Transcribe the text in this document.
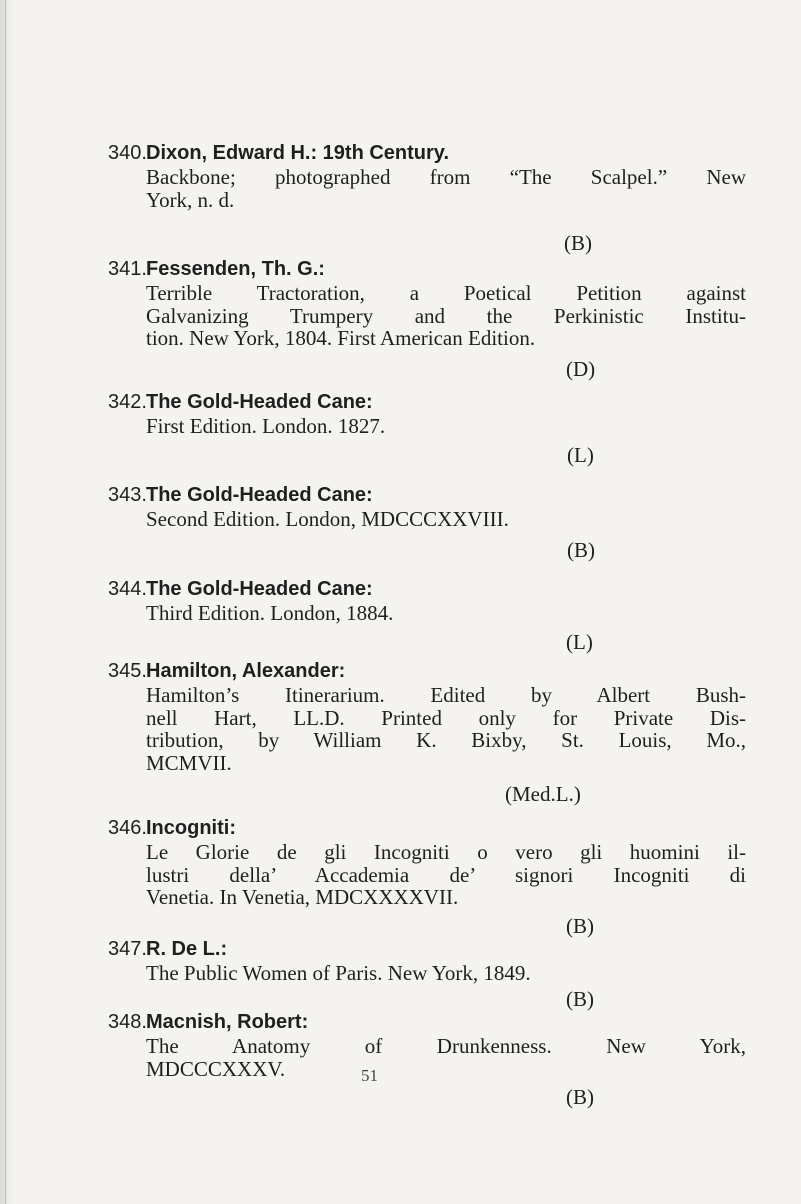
340.Dixon, Edward H.: 19th Century.
Backbone; photographed from “The Scalpel.” New
York, n. d.
(B)
341.Fessenden, Th. G.:
Terrible Tractoration, a Poetical Petition against
Galvanizing Trumpery and the Perkinistic Institu-
tion. New York, 1804. First American Edition.
(D)
342.The Gold-Headed Cane:
First Edition. London. 1827.
(L)
343.The Gold-Headed Cane:
Second Edition. London, MDCCCXXVIII.
(B)
344.The Gold-Headed Cane:
Third Edition. London, 1884.
(L)
345.Hamilton, Alexander:
Hamilton’s Itinerarium. Edited by Albert Bush-
nell Hart, LL.D. Printed only for Private Dis-
tribution, by William K. Bixby, St. Louis, Mo.,
MCMVII.
(Med.L.)
346.Incogniti:
Le Glorie de gli Incogniti o vero gli huomini il-
lustri della’ Accademia de’ signori Incogniti di
Venetia. In Venetia, MDCXXXXVII.
(B)
347.R. De L.:
The Public Women of Paris. New York, 1849.
(B)
348.Macnish, Robert:
The Anatomy of Drunkenness. New York,
MDCCCXXXV.
(B)
51
